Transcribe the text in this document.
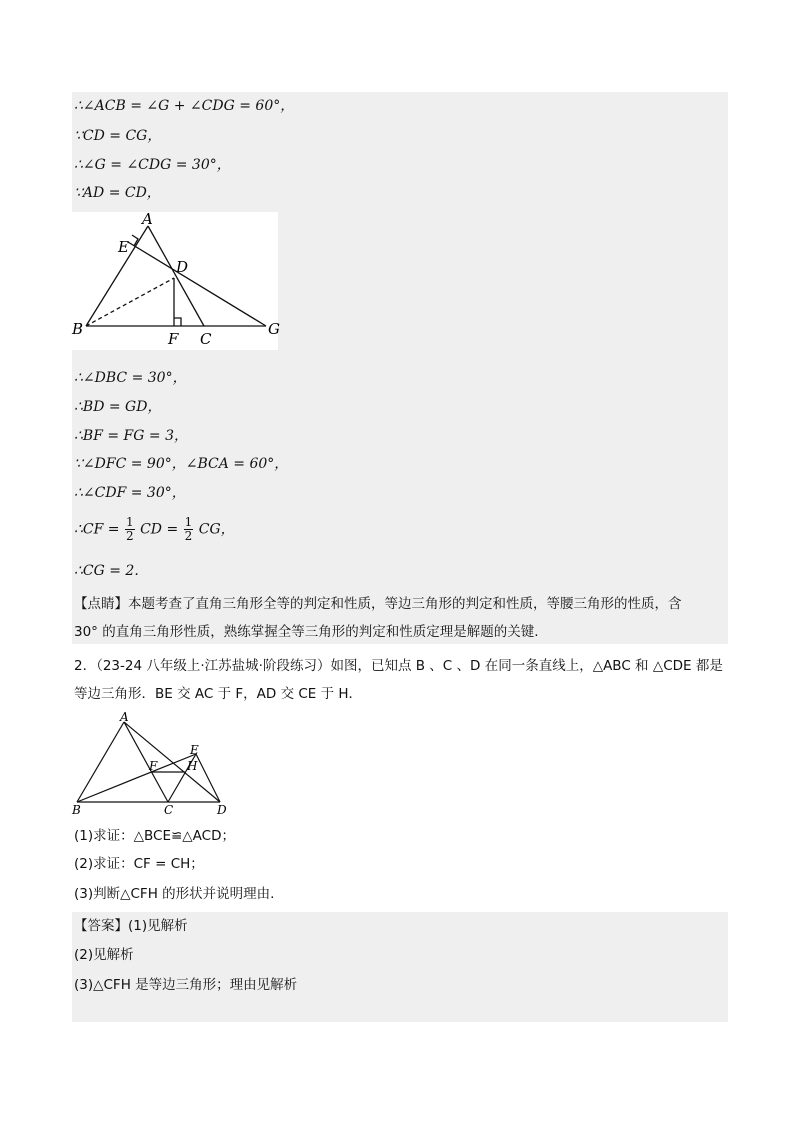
∴∠ACB = ∠G + ∠CDG = 60°，
∵CD = CG，
∴∠G = ∠CDG = 30°，
∵AD = CD，
A
E
D
B
F C
G
∴∠DBC = 30°，
∴BD = GD，
∴BF = FG = 3，
∵∠DFC = 90°，∠BCA = 60°，
∴∠CDF = 30°，
∴CF = $\frac{1}{2}$ CD = $\frac{1}{2}$ CG，
∴CG = 2.
【点睛】本题考查了直角三角形全等的判定和性质，等边三角形的判定和性质，等腰三角形的性质，含
30° 的直角三角形性质，熟练掌握全等三角形的判定和性质定理是解题的关键.
2．（23-24 八年级上·江苏盐城·阶段练习）如图，已知点 B 、C 、D 在同一条直线上，△ABC 和 △CDE 都是
等边三角形．BE 交 AC 于 F，AD 交 CE 于 H．
A
E
F H
B	C	D
(1)求证：△BCE≌△ACD；
(2)求证：CF = CH；
(3)判断△CFH 的形状并说明理由.
【答案】(1)见解析
(2)见解析
(3)△CFH 是等边三角形；理由见解析
